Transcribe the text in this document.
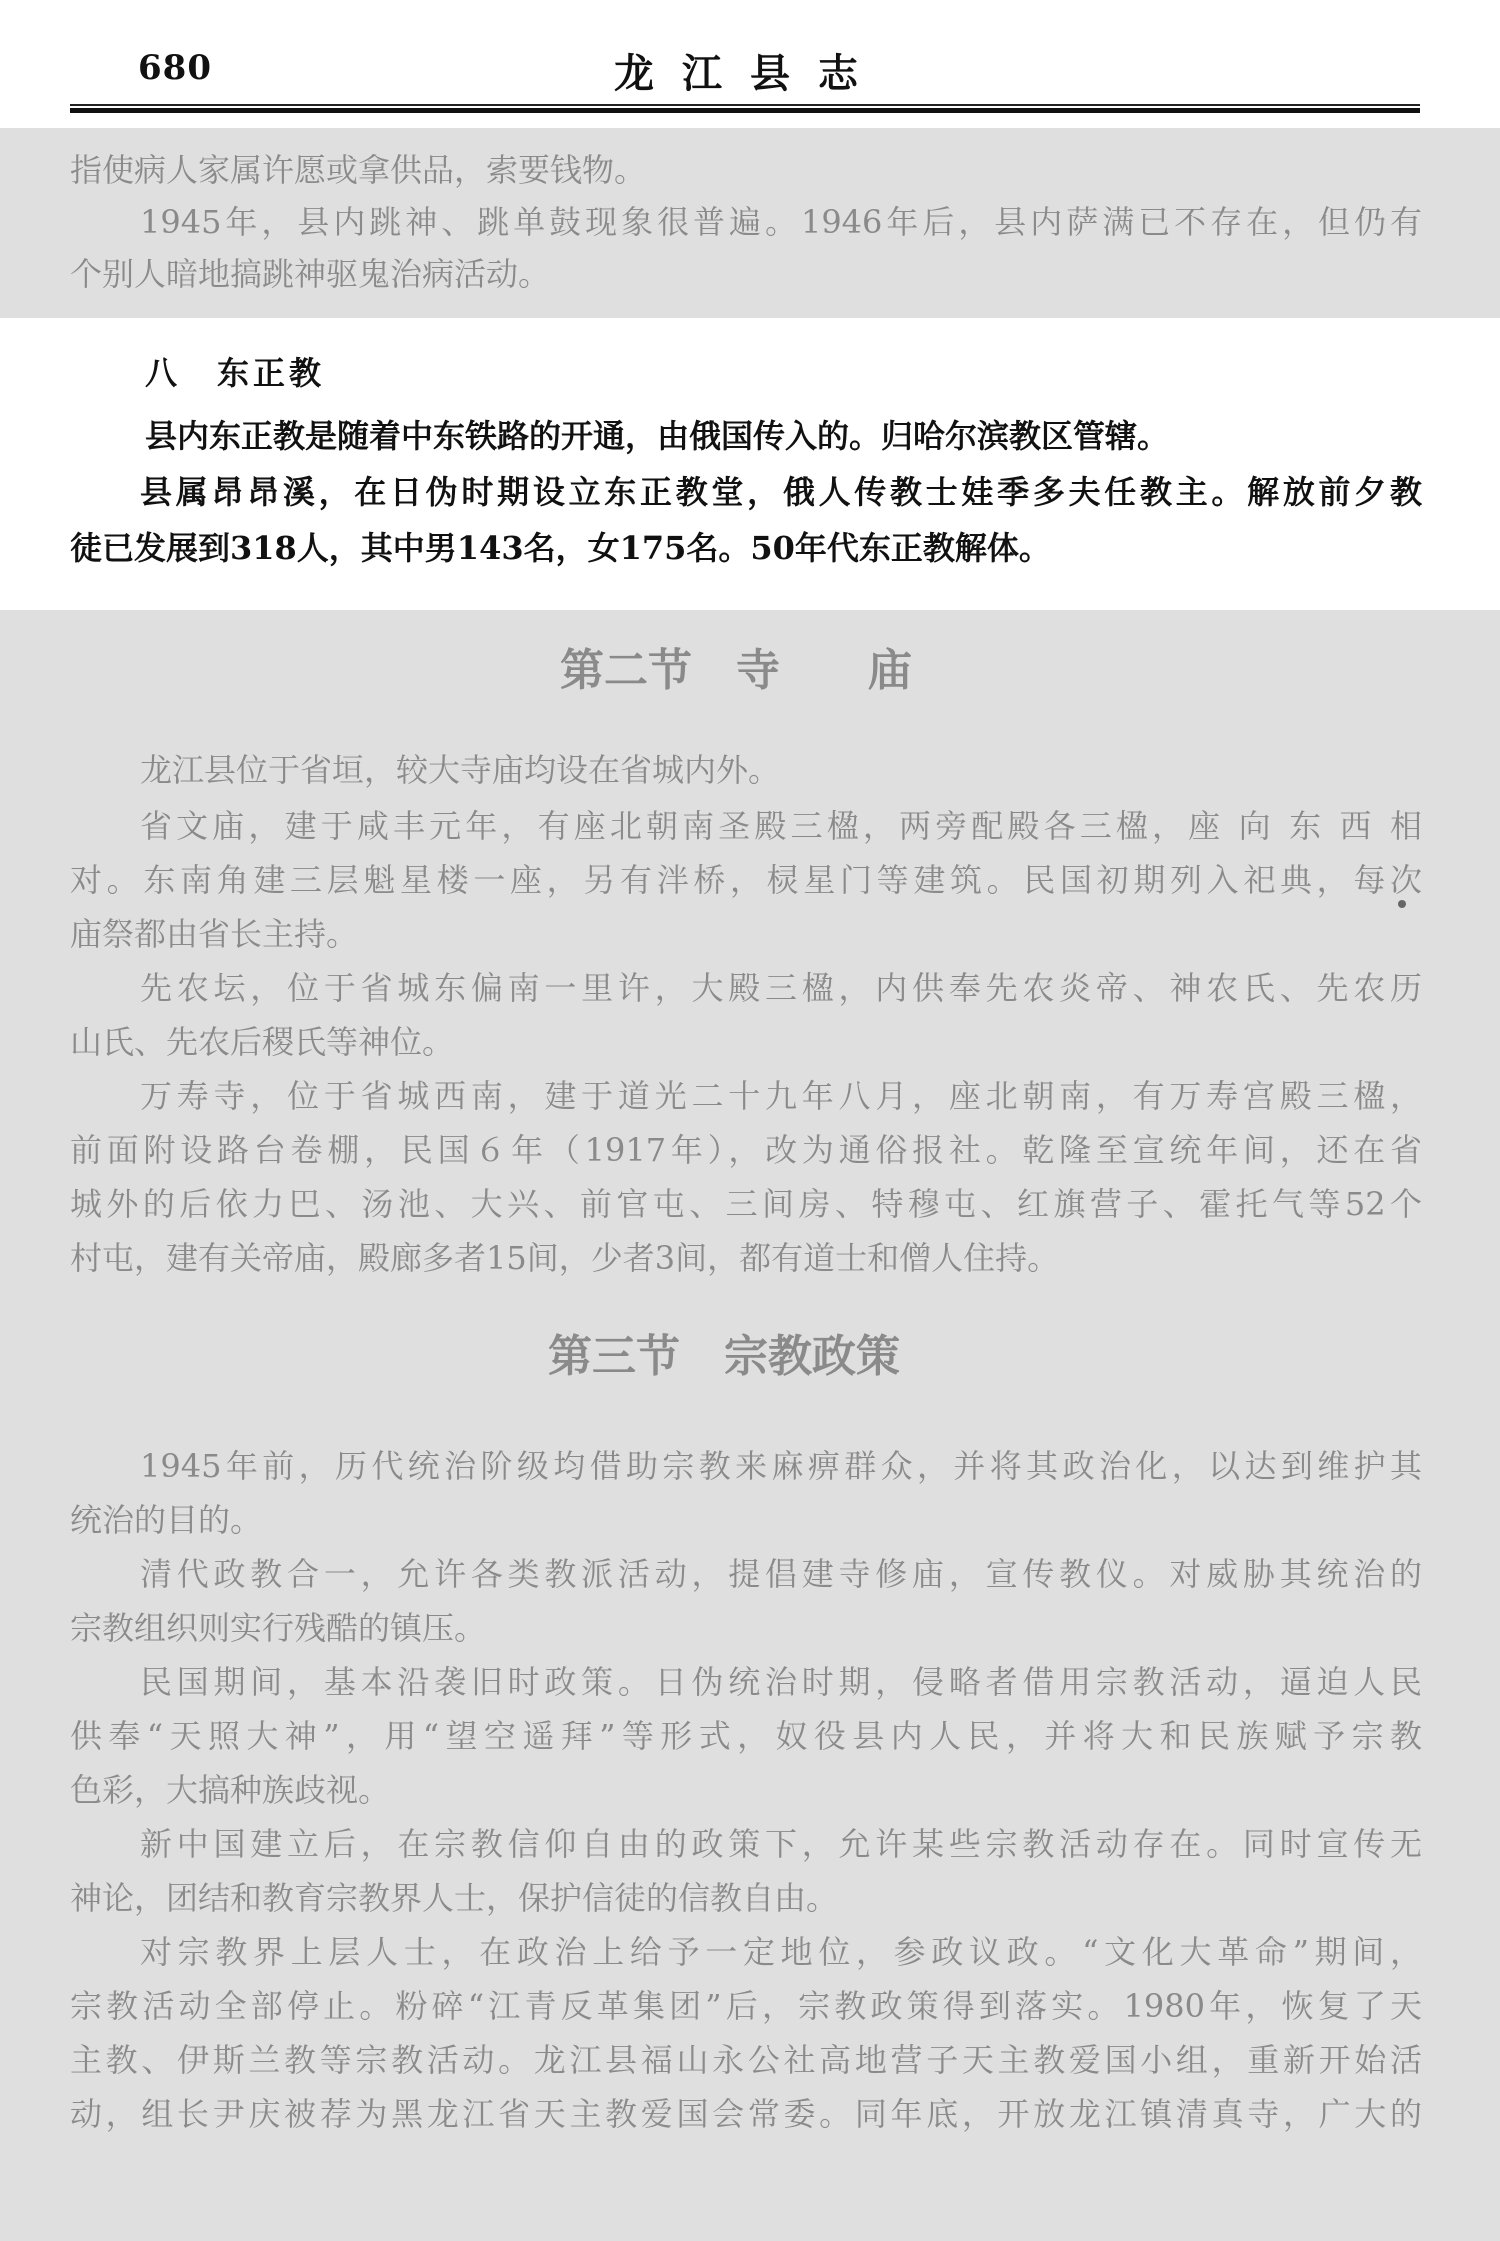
680	龙江县志
指使病人家属许愿或拿供品，索要钱物。
1945年，县内跳神、跳单鼓现象很普遍。1946年后，县内萨满已不存在，但仍有
个别人暗地搞跳神驱鬼治病活动。
八　东正教
县内东正教是随着中东铁路的开通，由俄国传入的。归哈尔滨教区管辖。
县属昂昂溪，在日伪时期设立东正教堂，俄人传教士娃季多夫任教主。解放前夕教
徒已发展到318人，其中男143名，女175名。50年代东正教解体。
第二节　寺　　庙
龙江县位于省垣，较大寺庙均设在省城内外。
省文庙，建于咸丰元年，有座北朝南圣殿三楹，两旁配殿各三楹，座 向 东 西 相
对。东南角建三层魁星楼一座，另有泮桥，棂星门等建筑。民国初期列入祀典，每次
庙祭都由省长主持。
先农坛，位于省城东偏南一里许，大殿三楹，内供奉先农炎帝、神农氏、先农历
山氏、先农后稷氏等神位。
万寿寺，位于省城西南，建于道光二十九年八月，座北朝南，有万寿宫殿三楹，
前面附设路台卷棚，民国６年（1917年），改为通俗报社。乾隆至宣统年间，还在省
城外的后依力巴、汤池、大兴、前官屯、三间房、特穆屯、红旗营子、霍托气等52个
村屯，建有关帝庙，殿廊多者15间，少者3间，都有道士和僧人住持。
第三节　宗教政策
1945年前，历代统治阶级均借助宗教来麻痹群众，并将其政治化，以达到维护其
统治的目的。
清代政教合一，允许各类教派活动，提倡建寺修庙，宣传教仪。对威胁其统治的
宗教组织则实行残酷的镇压。
民国期间，基本沿袭旧时政策。日伪统治时期，侵略者借用宗教活动，逼迫人民
供奉“天照大神”，用“望空遥拜”等形式，奴役县内人民，并将大和民族赋予宗教
色彩，大搞种族歧视。
新中国建立后，在宗教信仰自由的政策下，允许某些宗教活动存在。同时宣传无
神论，团结和教育宗教界人士，保护信徒的信教自由。
对宗教界上层人士，在政治上给予一定地位，参政议政。“文化大革命”期间，
宗教活动全部停止。粉碎“江青反革集团”后，宗教政策得到落实。1980年，恢复了天
主教、伊斯兰教等宗教活动。龙江县福山永公社高地营子天主教爱国小组，重新开始活
动，组长尹庆被荐为黑龙江省天主教爱国会常委。同年底，开放龙江镇清真寺，广大的
